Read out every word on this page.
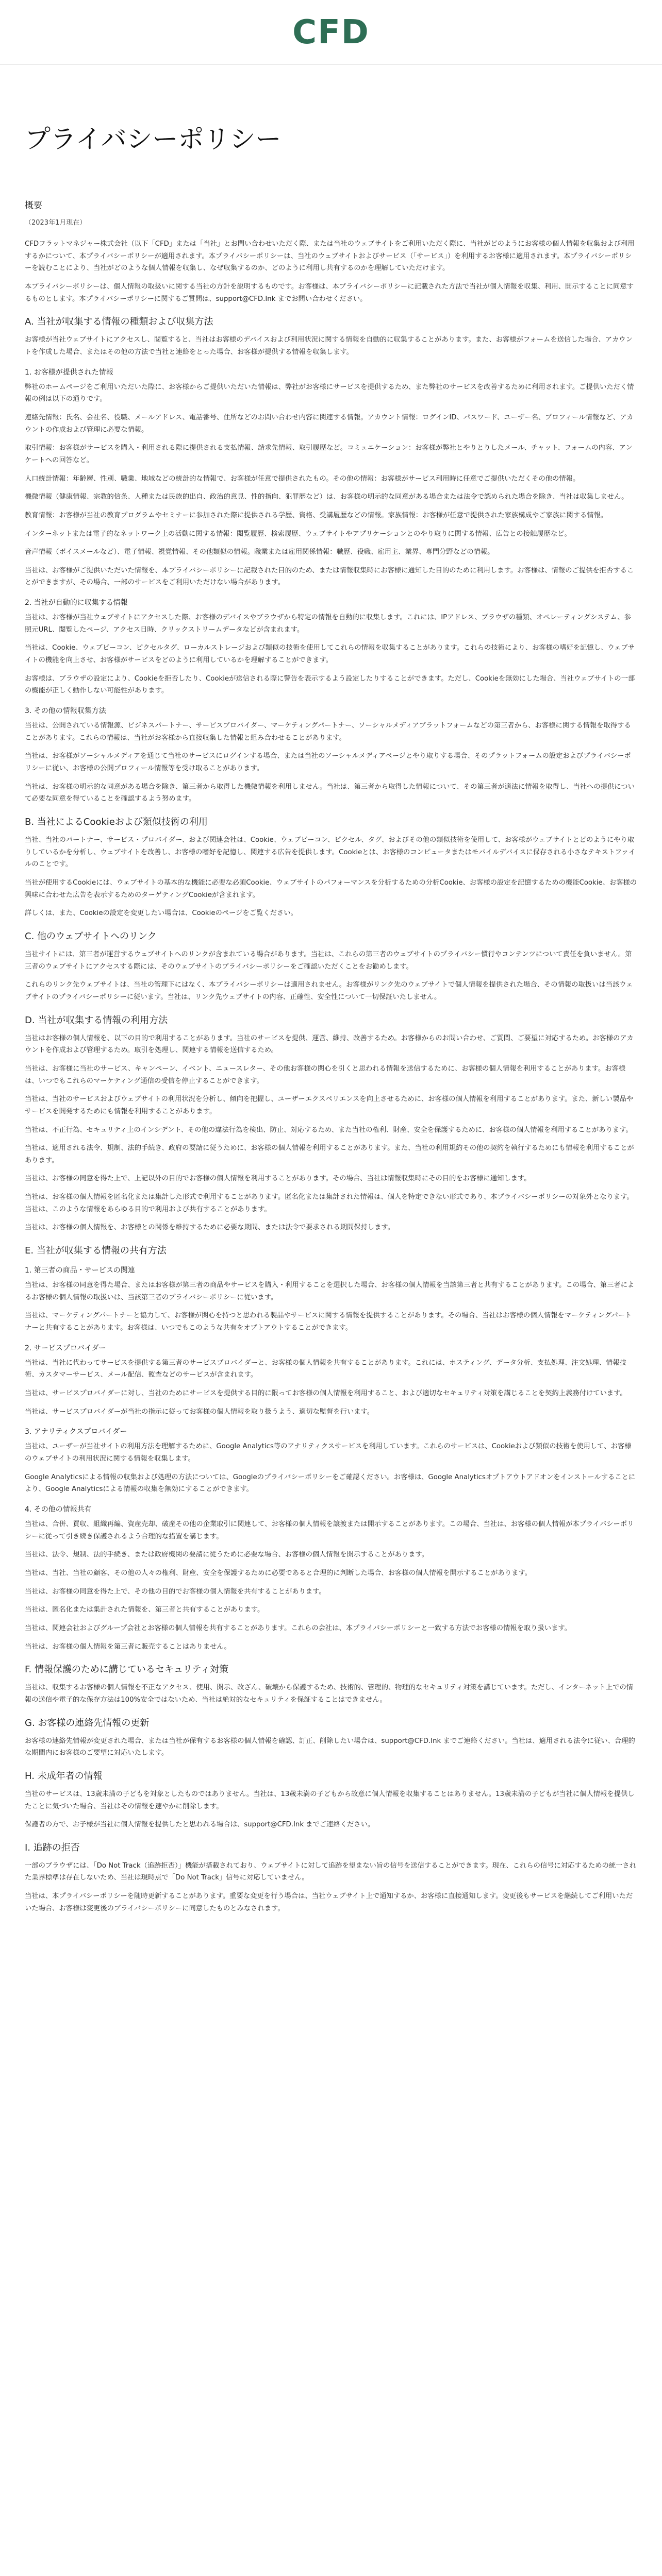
CFD
プライバシーポリシー
概要
（2023年1月現在）

CFDフラットマネジャー株式会社（以下「CFD」または「当社」とお問い合わせいただく際、または当社のウェブサイトをご利用いただく際に、当社がどのようにお客様の個人情報を収集および利用するかについて、本プライバシーポリシーが適用されます。本プライバシーポリシーは、当社のウェブサイトおよびサービス（「サービス」）を利用するお客様に適用されます。本プライバシーポリシーを読むことにより、当社がどのような個人情報を収集し、なぜ収集するのか、どのように利用し共有するのかを理解していただけます。

本プライバシーポリシーは、個人情報の取扱いに関する当社の方針を説明するものです。お客様は、本プライバシーポリシーに記載された方法で当社が個人情報を収集、利用、開示することに同意するものとします。本プライバシーポリシーに関するご質問は、support@CFD.Ink までお問い合わせください。

A. 当社が収集する情報の種類および収集方法

お客様が当社ウェブサイトにアクセスし、閲覧すると、当社はお客様のデバイスおよび利用状況に関する情報を自動的に収集することがあります。また、お客様がフォームを送信した場合、アカウントを作成した場合、またはその他の方法で当社と連絡をとった場合、お客様が提供する情報を収集します。

1. お客様が提供された情報

弊社のホームページをご利用いただいた際に、お客様からご提供いただいた情報は、弊社がお客様にサービスを提供するため、また弊社のサービスを改善するために利用されます。ご提供いただく情報の例は以下の通りです。

連絡先情報：氏名、会社名、役職、メールアドレス、電話番号、住所などのお問い合わせ内容に関連する情報。アカウント情報：ログインID、パスワード、ユーザー名、プロフィール情報など、アカウントの作成および管理に必要な情報。

取引情報：お客様がサービスを購入・利用される際に提供される支払情報、請求先情報、取引履歴など。コミュニケーション：お客様が弊社とやりとりしたメール、チャット、フォームの内容、アンケートへの回答など。

人口統計情報：年齢層、性別、職業、地域などの統計的な情報で、お客様が任意で提供されたもの。その他の情報：お客様がサービス利用時に任意でご提供いただくその他の情報。

機微情報（健康情報、宗教的信条、人種または民族的出自、政治的意見、性的指向、犯罪歴など）は、お客様の明示的な同意がある場合または法令で認められた場合を除き、当社は収集しません。

教育情報：お客様が当社の教育プログラムやセミナーに参加された際に提供される学歴、資格、受講履歴などの情報。家族情報：お客様が任意で提供された家族構成やご家族に関する情報。

インターネットまたは電子的なネットワーク上の活動に関する情報：閲覧履歴、検索履歴、ウェブサイトやアプリケーションとのやり取りに関する情報、広告との接触履歴など。

音声情報（ボイスメールなど）、電子情報、視覚情報、その他類似の情報。職業または雇用関係情報：職歴、役職、雇用主、業界、専門分野などの情報。

当社は、お客様がご提供いただいた情報を、本プライバシーポリシーに記載された目的のため、または情報収集時にお客様に通知した目的のために利用します。お客様は、情報のご提供を拒否することができますが、その場合、一部のサービスをご利用いただけない場合があります。

2. 当社が自動的に収集する情報

当社は、お客様が当社ウェブサイトにアクセスした際、お客様のデバイスやブラウザから特定の情報を自動的に収集します。これには、IPアドレス、ブラウザの種類、オペレーティングシステム、参照元URL、閲覧したページ、アクセス日時、クリックストリームデータなどが含まれます。

当社は、Cookie、ウェブビーコン、ピクセルタグ、ローカルストレージおよび類似の技術を使用してこれらの情報を収集することがあります。これらの技術により、お客様の嗜好を記憶し、ウェブサイトの機能を向上させ、お客様がサービスをどのように利用しているかを理解することができます。

お客様は、ブラウザの設定により、Cookieを拒否したり、Cookieが送信される際に警告を表示するよう設定したりすることができます。ただし、Cookieを無効にした場合、当社ウェブサイトの一部の機能が正しく動作しない可能性があります。

3. その他の情報収集方法

当社は、公開されている情報源、ビジネスパートナー、サービスプロバイダー、マーケティングパートナー、ソーシャルメディアプラットフォームなどの第三者から、お客様に関する情報を取得することがあります。これらの情報は、当社がお客様から直接収集した情報と組み合わせることがあります。

当社は、お客様がソーシャルメディアを通じて当社のサービスにログインする場合、または当社のソーシャルメディアページとやり取りする場合、そのプラットフォームの設定およびプライバシーポリシーに従い、お客様の公開プロフィール情報等を受け取ることがあります。

当社は、お客様の明示的な同意がある場合を除き、第三者から取得した機微情報を利用しません。当社は、第三者から取得した情報について、その第三者が適法に情報を取得し、当社への提供について必要な同意を得ていることを確認するよう努めます。

B. 当社によるCookieおよび類似技術の利用

当社、当社のパートナー、サービス・プロバイダー、および関連会社は、Cookie、ウェブビーコン、ピクセル、タグ、およびその他の類似技術を使用して、お客様がウェブサイトとどのようにやり取りしているかを分析し、ウェブサイトを改善し、お客様の嗜好を記憶し、関連する広告を提供します。Cookieとは、お客様のコンピュータまたはモバイルデバイスに保存される小さなテキストファイルのことです。

当社が使用するCookieには、ウェブサイトの基本的な機能に必要な必須Cookie、ウェブサイトのパフォーマンスを分析するための分析Cookie、お客様の設定を記憶するための機能Cookie、お客様の興味に合わせた広告を表示するためのターゲティングCookieが含まれます。

詳しくは、また、Cookieの設定を変更したい場合は、Cookieのページをご覧ください。

C. 他のウェブサイトへのリンク

当社サイトには、第三者が運営するウェブサイトへのリンクが含まれている場合があります。当社は、これらの第三者のウェブサイトのプライバシー慣行やコンテンツについて責任を負いません。第三者のウェブサイトにアクセスする際には、そのウェブサイトのプライバシーポリシーをご確認いただくことをお勧めします。

これらのリンク先ウェブサイトは、当社の管理下にはなく、本プライバシーポリシーは適用されません。お客様がリンク先のウェブサイトで個人情報を提供された場合、その情報の取扱いは当該ウェブサイトのプライバシーポリシーに従います。当社は、リンク先ウェブサイトの内容、正確性、安全性について一切保証いたしません。

D. 当社が収集する情報の利用方法

当社はお客様の個人情報を、以下の目的で利用することがあります。当社のサービスを提供、運営、維持、改善するため。お客様からのお問い合わせ、ご質問、ご要望に対応するため。お客様のアカウントを作成および管理するため。取引を処理し、関連する情報を送信するため。

当社は、お客様に当社のサービス、キャンペーン、イベント、ニュースレター、その他お客様の関心を引くと思われる情報を送信するために、お客様の個人情報を利用することがあります。お客様は、いつでもこれらのマーケティング通信の受信を停止することができます。

当社は、当社のサービスおよびウェブサイトの利用状況を分析し、傾向を把握し、ユーザーエクスペリエンスを向上させるために、お客様の個人情報を利用することがあります。また、新しい製品やサービスを開発するためにも情報を利用することがあります。

当社は、不正行為、セキュリティ上のインシデント、その他の違法行為を検出、防止、対応するため、また当社の権利、財産、安全を保護するために、お客様の個人情報を利用することがあります。

当社は、適用される法令、規制、法的手続き、政府の要請に従うために、お客様の個人情報を利用することがあります。また、当社の利用規約その他の契約を執行するためにも情報を利用することがあります。

当社は、お客様の同意を得た上で、上記以外の目的でお客様の個人情報を利用することがあります。その場合、当社は情報収集時にその目的をお客様に通知します。

当社は、お客様の個人情報を匿名化または集計した形式で利用することがあります。匿名化または集計された情報は、個人を特定できない形式であり、本プライバシーポリシーの対象外となります。当社は、このような情報をあらゆる目的で利用および共有することがあります。

当社は、お客様の個人情報を、お客様との関係を維持するために必要な期間、または法令で要求される期間保持します。

E. 当社が収集する情報の共有方法
1. 第三者の商品・サービスの関連

当社は、お客様の同意を得た場合、またはお客様が第三者の商品やサービスを購入・利用することを選択した場合、お客様の個人情報を当該第三者と共有することがあります。この場合、第三者によるお客様の個人情報の取扱いは、当該第三者のプライバシーポリシーに従います。

当社は、マーケティングパートナーと協力して、お客様が関心を持つと思われる製品やサービスに関する情報を提供することがあります。その場合、当社はお客様の個人情報をマーケティングパートナーと共有することがあります。お客様は、いつでもこのような共有をオプトアウトすることができます。

2. サービスプロバイダー

当社は、当社に代わってサービスを提供する第三者のサービスプロバイダーと、お客様の個人情報を共有することがあります。これには、ホスティング、データ分析、支払処理、注文処理、情報技術、カスタマーサービス、メール配信、監査などのサービスが含まれます。

当社は、サービスプロバイダーに対し、当社のためにサービスを提供する目的に限ってお客様の個人情報を利用すること、および適切なセキュリティ対策を講じることを契約上義務付けています。

当社は、サービスプロバイダーが当社の指示に従ってお客様の個人情報を取り扱うよう、適切な監督を行います。

3. アナリティクスプロバイダー

当社は、ユーザーが当社サイトの利用方法を理解するために、Google Analytics等のアナリティクスサービスを利用しています。これらのサービスは、Cookieおよび類似の技術を使用して、お客様のウェブサイトの利用状況に関する情報を収集します。

Google Analyticsによる情報の収集および処理の方法については、Googleのプライバシーポリシーをご確認ください。お客様は、Google Analyticsオプトアウトアドオンをインストールすることにより、Google Analyticsによる情報の収集を無効にすることができます。

4. その他の情報共有

当社は、合併、買収、組織再編、資産売却、破産その他の企業取引に関連して、お客様の個人情報を譲渡または開示することがあります。この場合、当社は、お客様の個人情報が本プライバシーポリシーに従って引き続き保護されるよう合理的な措置を講じます。

当社は、法令、規制、法的手続き、または政府機関の要請に従うために必要な場合、お客様の個人情報を開示することがあります。

当社は、当社、当社の顧客、その他の人々の権利、財産、安全を保護するために必要であると合理的に判断した場合、お客様の個人情報を開示することがあります。

当社は、お客様の同意を得た上で、その他の目的でお客様の個人情報を共有することがあります。

当社は、匿名化または集計された情報を、第三者と共有することがあります。

当社は、関連会社およびグループ会社とお客様の個人情報を共有することがあります。これらの会社は、本プライバシーポリシーと一致する方法でお客様の情報を取り扱います。

当社は、お客様の個人情報を第三者に販売することはありません。

F. 情報保護のために講じているセキュリティ対策

当社は、収集するお客様の個人情報を不正なアクセス、使用、開示、改ざん、破壊から保護するため、技術的、管理的、物理的なセキュリティ対策を講じています。ただし、インターネット上での情報の送信や電子的な保存方法は100%安全ではないため、当社は絶対的なセキュリティを保証することはできません。

G. お客様の連絡先情報の更新

お客様の連絡先情報が変更された場合、または当社が保有するお客様の個人情報を確認、訂正、削除したい場合は、support@CFD.Ink までご連絡ください。当社は、適用される法令に従い、合理的な期間内にお客様のご要望に対応いたします。

H. 未成年者の情報

当社のサービスは、13歳未満の子どもを対象としたものではありません。当社は、13歳未満の子どもから故意に個人情報を収集することはありません。13歳未満の子どもが当社に個人情報を提供したことに気づいた場合、当社はその情報を速やかに削除します。

保護者の方で、お子様が当社に個人情報を提供したと思われる場合は、support@CFD.Ink までご連絡ください。

I. 追跡の拒否

一部のブラウザには、「Do Not Track（追跡拒否）」機能が搭載されており、ウェブサイトに対して追跡を望まない旨の信号を送信することができます。現在、これらの信号に対応するための統一された業界標準は存在しないため、当社は現時点で「Do Not Track」信号に対応していません。

当社は、本プライバシーポリシーを随時更新することがあります。重要な変更を行う場合は、当社ウェブサイト上で通知するか、お客様に直接通知します。変更後もサービスを継続してご利用いただいた場合、お客様は変更後のプライバシーポリシーに同意したものとみなされます。
